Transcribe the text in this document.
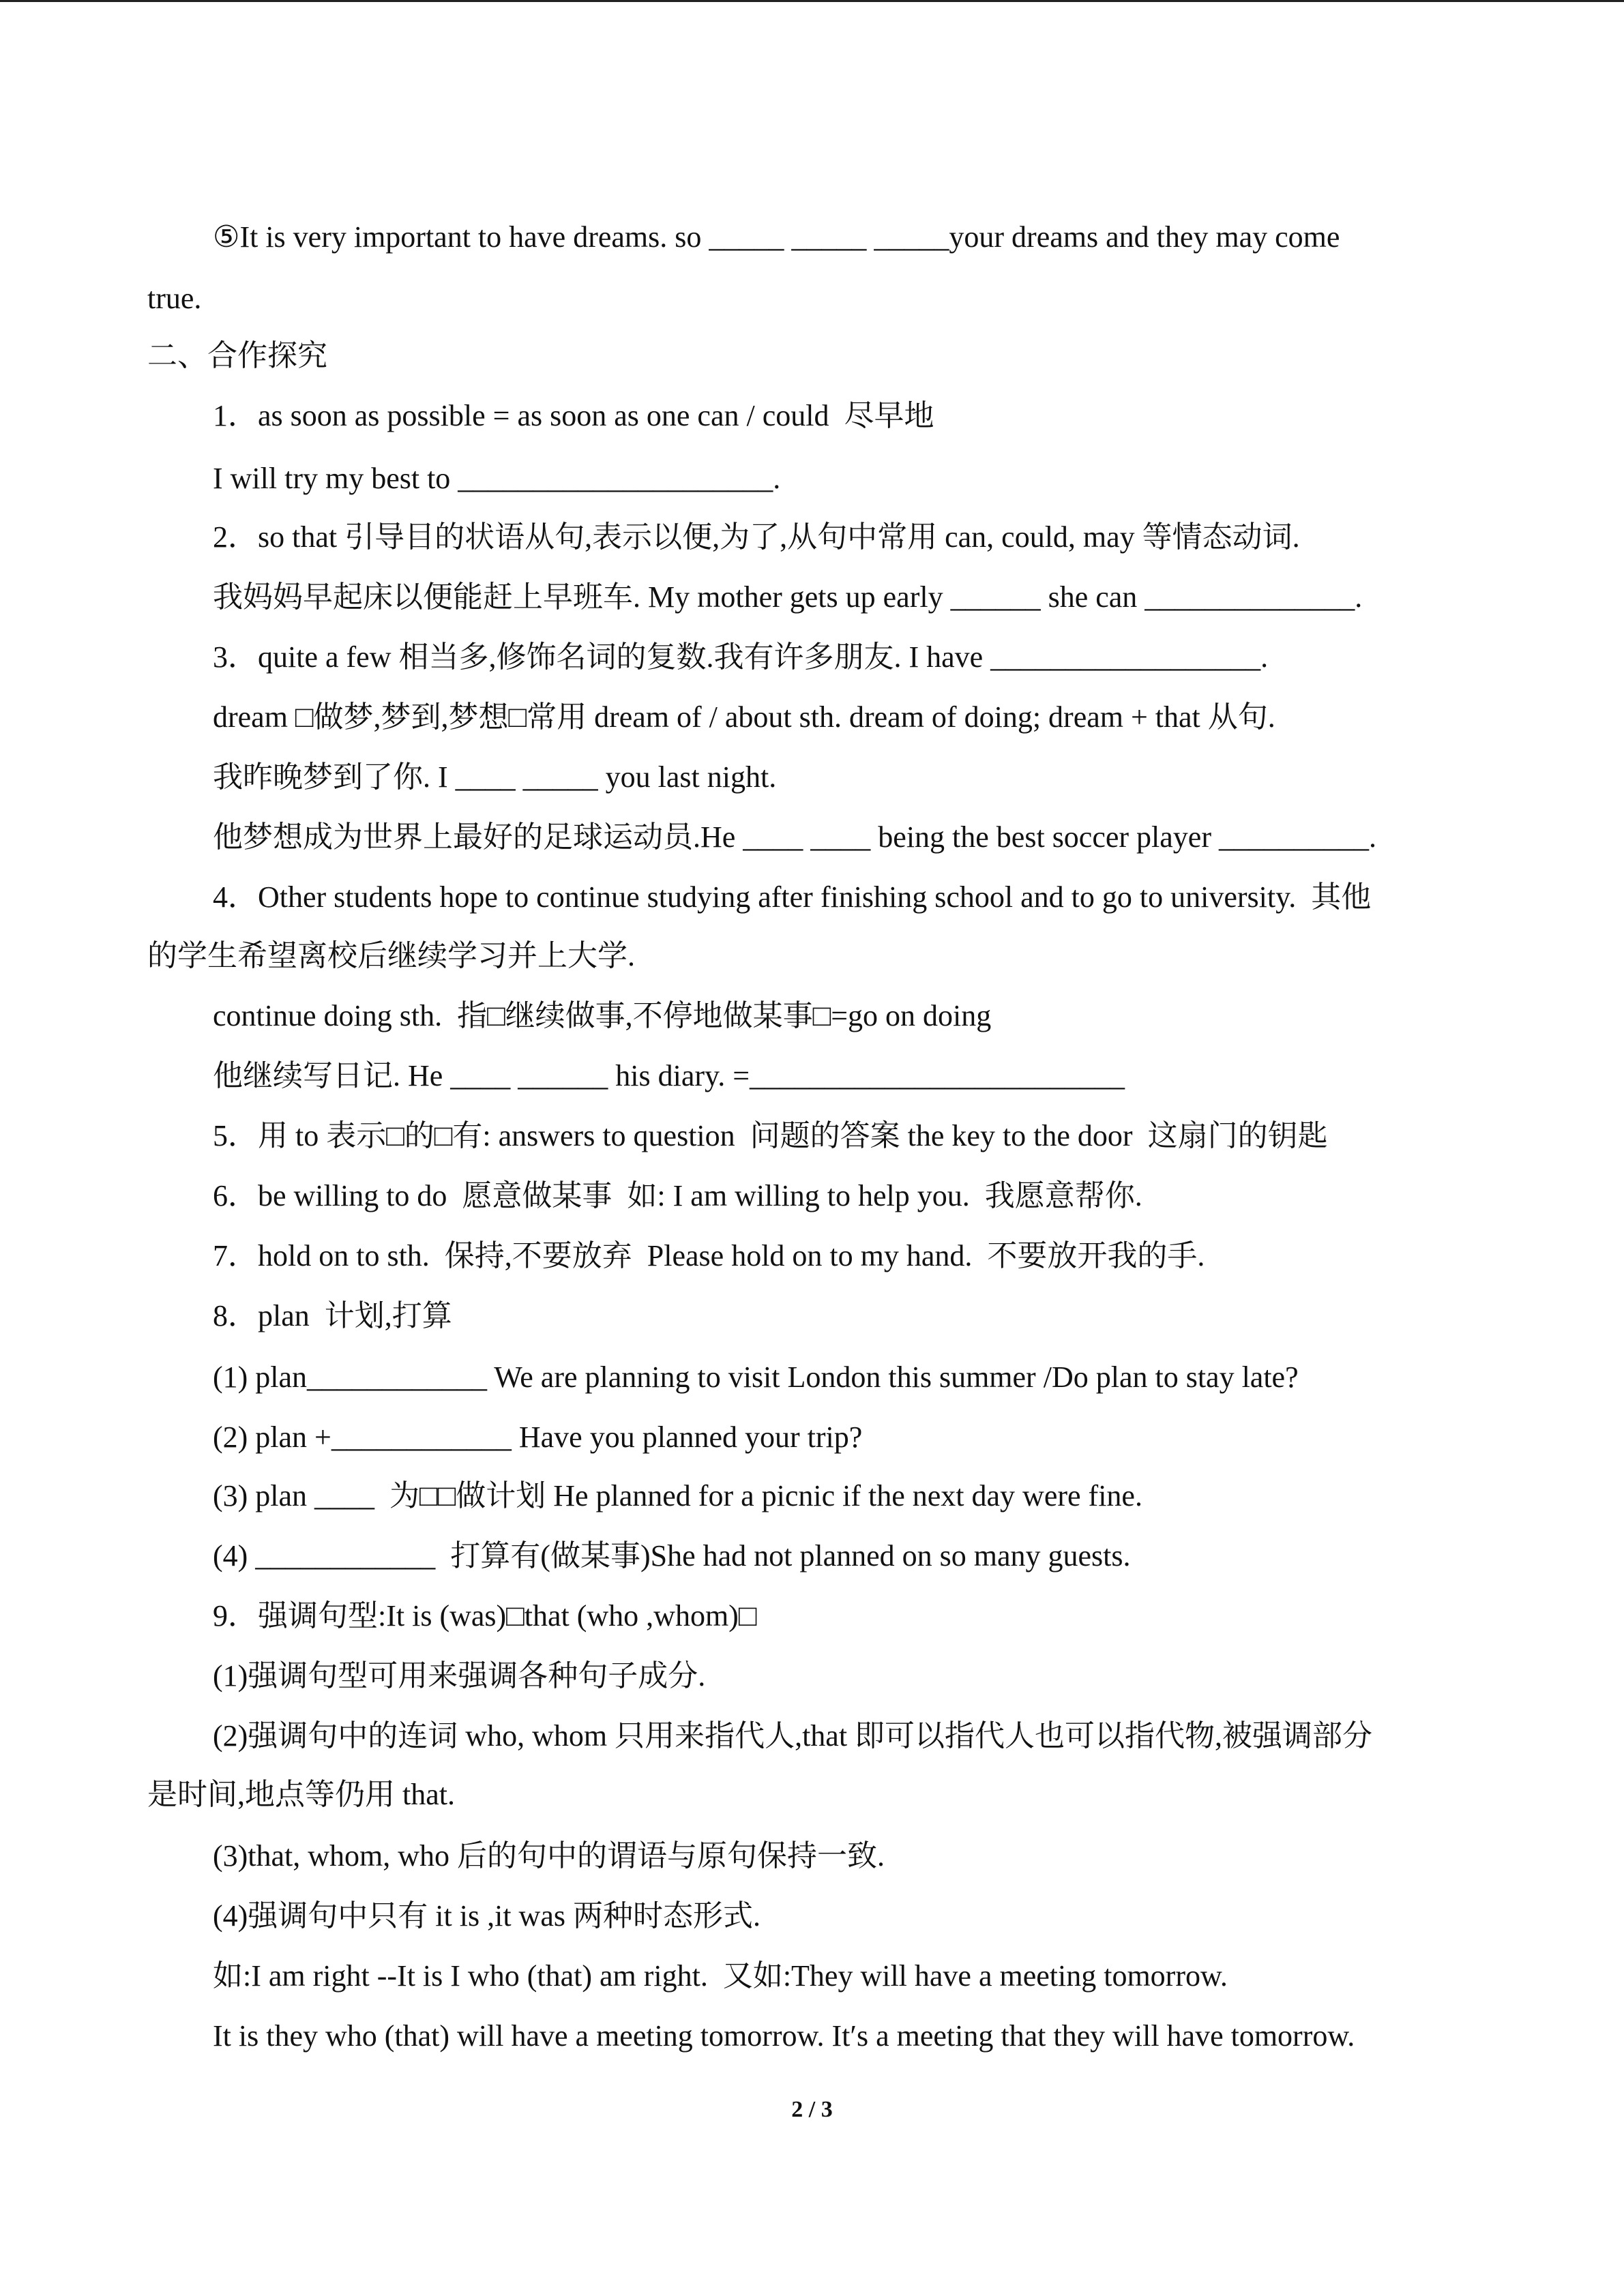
⑤It is very important to have dreams. so _____ _____ _____your dreams and they may come
true.
二、合作探究
1．as soon as possible = as soon as one can / could  尽早地
I will try my best to _____________________.
2．so that 引导目的状语从句,表示以便,为了,从句中常用 can, could, may 等情态动词.
我妈妈早起床以便能赶上早班车. My mother gets up early ______ she can ______________.
3．quite a few 相当多,修饰名词的复数.我有许多朋友. I have __________________.
dream □做梦,梦到,梦想□常用 dream of / about sth. dream of doing; dream + that 从句.
我昨晚梦到了你. I ____ _____ you last night.
他梦想成为世界上最好的足球运动员.He ____ ____ being the best soccer player __________.
4．Other students hope to continue studying after finishing school and to go to university.  其他
的学生希望离校后继续学习并上大学.
continue doing sth.  指□继续做事,不停地做某事□=go on doing
他继续写日记. He ____ ______ his diary. =_________________________
5．用 to 表示□的□有: answers to question  问题的答案 the key to the door  这扇门的钥匙
6．be willing to do  愿意做某事  如: I am willing to help you.  我愿意帮你.
7．hold on to sth.  保持,不要放弃  Please hold on to my hand.  不要放开我的手.
8．plan  计划,打算
(1) plan____________ We are planning to visit London this summer /Do plan to stay late?
(2) plan +____________ Have you planned your trip?
(3) plan ____  为□□做计划 He planned for a picnic if the next day were fine.
(4) ____________  打算有(做某事)She had not planned on so many guests.
9．强调句型:It is (was)□that (who ,whom)□
(1)强调句型可用来强调各种句子成分.
(2)强调句中的连词 who, whom 只用来指代人,that 即可以指代人也可以指代物,被强调部分
是时间,地点等仍用 that.
(3)that, whom, who 后的句中的谓语与原句保持一致.
(4)强调句中只有 it is ,it was 两种时态形式.
如:I am right --It is I who (that) am right.  又如:They will have a meeting tomorrow.
It is they who (that) will have a meeting tomorrow. It′s a meeting that they will have tomorrow.
2 / 3
